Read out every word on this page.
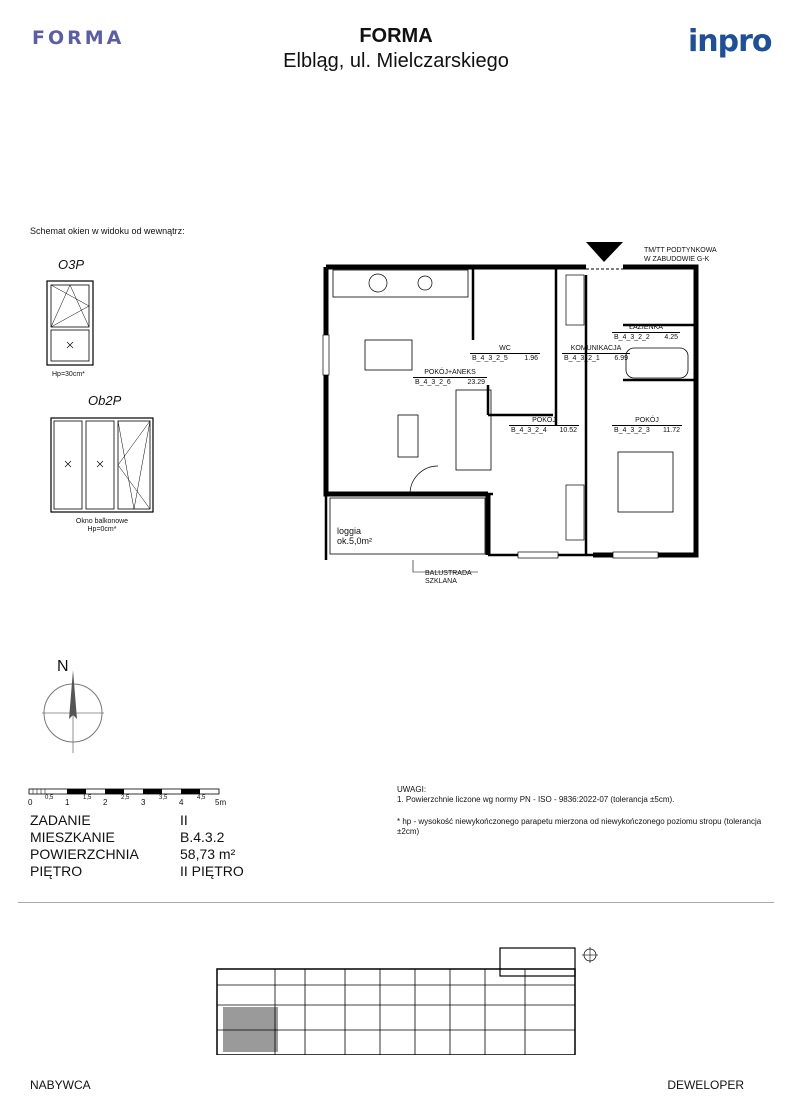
FORMA	inpro
FORMA
Elbląg, ul. Mielczarskiego
Schemat okien w widoku od wewnątrz:
O3P
Hp=30cm*
Ob2P
Okno balkonowe
Hp=0cm*
TM/TT PODTYNKOWA
W ZABUDOWIE G-K
loggia
ok.5,0m²
BALUSTRADA
SZKLANA
WC
B_4_3_2_5 1.96
KOMUNIKACJA
B_4_3_2_1 6.99
ŁAZIENKA
B_4_3_2_2 4.25
POKÓJ+ANEKS
B_4_3_2_6 23.29
POKÓJ
B_4_3_2_4 10.52
POKÓJ
B_4_3_2_3 11.72
N
0 0,5 1 1,5 2 2,5 3 3,5 4 4,5 5m
ZADANIE	II
MIESZKANIE	B.4.3.2
POWIERZCHNIA	58,73 m²
PIĘTRO	II PIĘTRO
UWAGI:
1. Powierzchnie liczone wg normy PN - ISO - 9836:2022-07 (tolerancja ±5cm).
* hp - wysokość niewykończonego parapetu mierzona od niewykończonego poziomu stropu (tolerancja ±2cm)
NABYWCA	DEWELOPER
